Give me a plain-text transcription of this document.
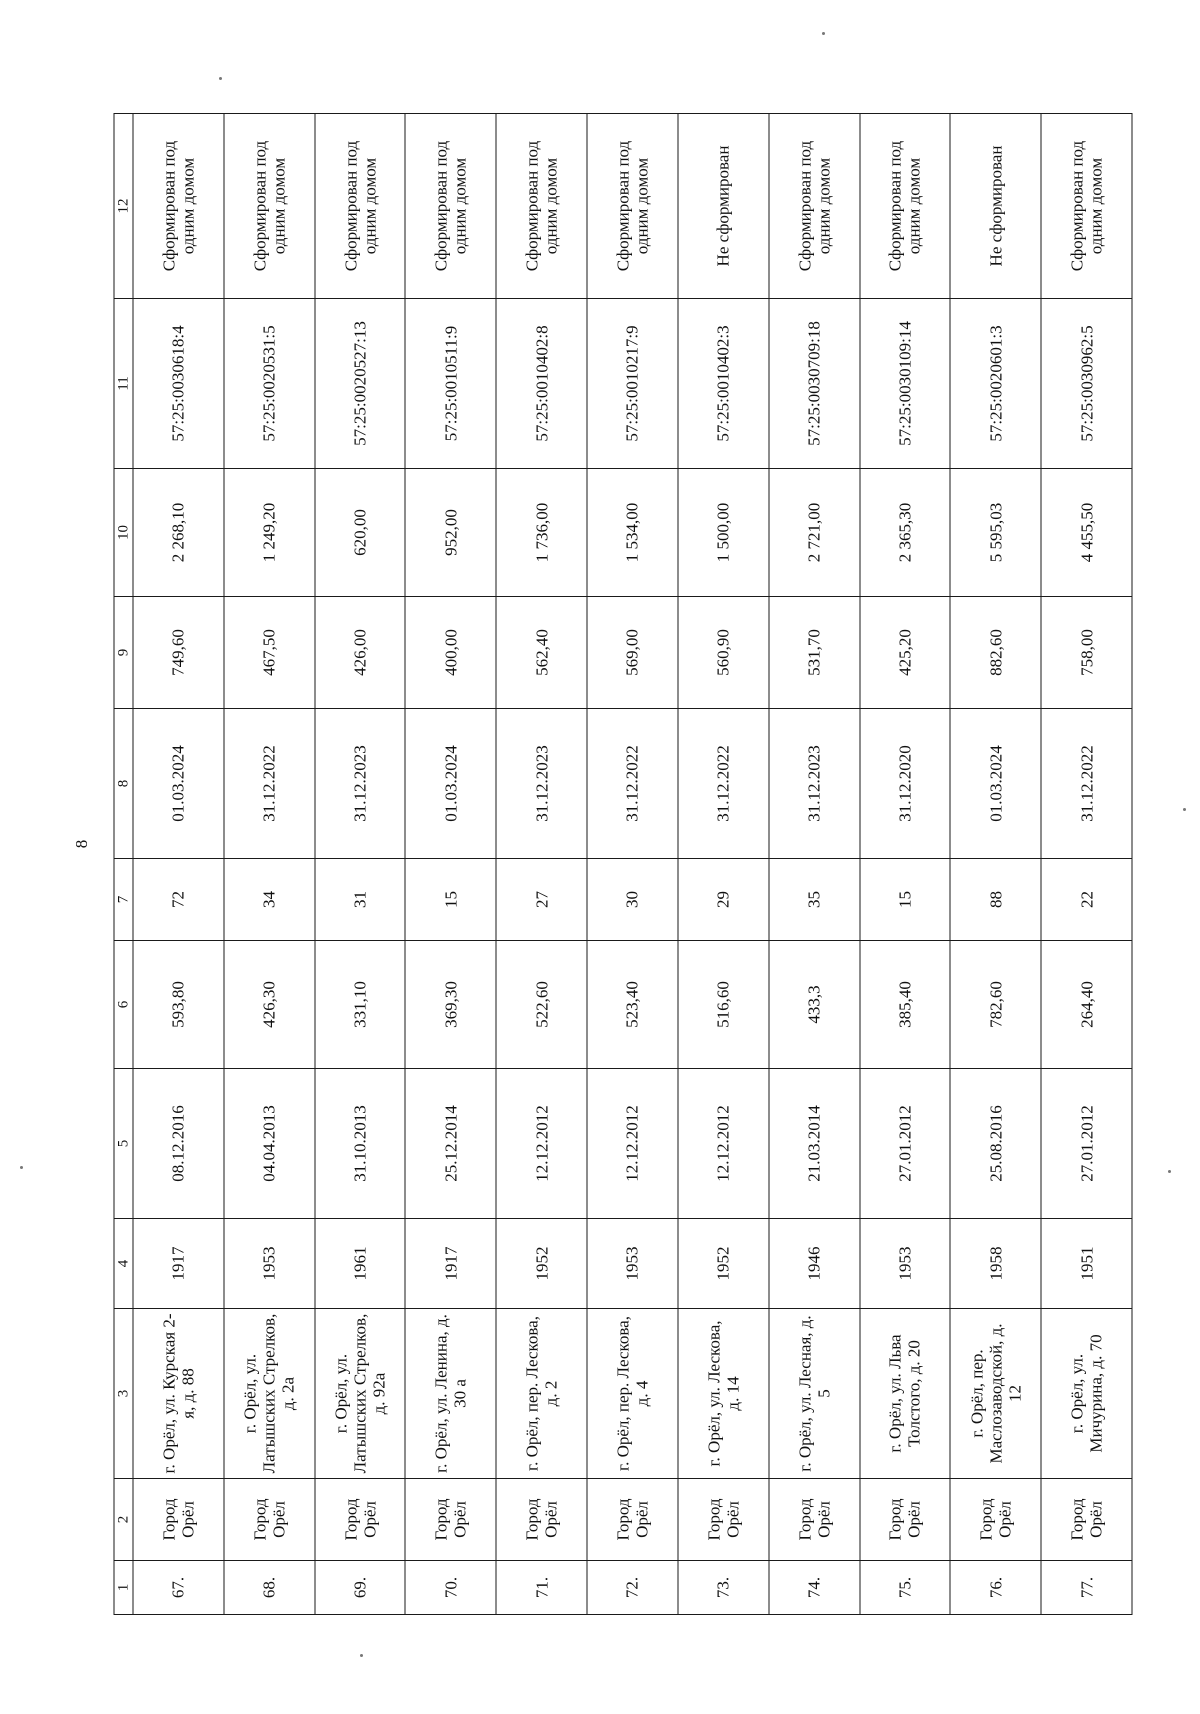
8
1	2	3	4	5	6	7	8	9	10	11	12
67.	Город Орёл	г. Орёл, ул. Курская 2-я, д. 88	1917	08.12.2016	593,80	72	01.03.2024	749,60	2 268,10	57:25:0030618:4	Сформирован под одним домом
68.	Город Орёл	г. Орёл, ул. Латышских Стрелков, д. 2а	1953	04.04.2013	426,30	34	31.12.2022	467,50	1 249,20	57:25:0020531:5	Сформирован под одним домом
69.	Город Орёл	г. Орёл, ул. Латышских Стрелков, д. 92а	1961	31.10.2013	331,10	31	31.12.2023	426,00	620,00	57:25:0020527:13	Сформирован под одним домом
70.	Город Орёл	г. Орёл, ул. Ленина, д. 30 а	1917	25.12.2014	369,30	15	01.03.2024	400,00	952,00	57:25:0010511:9	Сформирован под одним домом
71.	Город Орёл	г. Орёл, пер. Лескова, д. 2	1952	12.12.2012	522,60	27	31.12.2023	562,40	1 736,00	57:25:0010402:8	Сформирован под одним домом
72.	Город Орёл	г. Орёл, пер. Лескова, д. 4	1953	12.12.2012	523,40	30	31.12.2022	569,00	1 534,00	57:25:0010217:9	Сформирован под одним домом
73.	Город Орёл	г. Орёл, ул. Лескова, д. 14	1952	12.12.2012	516,60	29	31.12.2022	560,90	1 500,00	57:25:0010402:3	Не сформирован
74.	Город Орёл	г. Орёл, ул. Лесная, д. 5	1946	21.03.2014	433,3	35	31.12.2023	531,70	2 721,00	57:25:0030709:18	Сформирован под одним домом
75.	Город Орёл	г. Орёл, ул. Льва Толстого, д. 20	1953	27.01.2012	385,40	15	31.12.2020	425,20	2 365,30	57:25:0030109:14	Сформирован под одним домом
76.	Город Орёл	г. Орёл, пер. Маслозаводской, д. 12	1958	25.08.2016	782,60	88	01.03.2024	882,60	5 595,03	57:25:0020601:3	Не сформирован
77.	Город Орёл	г. Орёл, ул. Мичурина, д. 70	1951	27.01.2012	264,40	22	31.12.2022	758,00	4 455,50	57:25:0030962:5	Сформирован под одним домом
